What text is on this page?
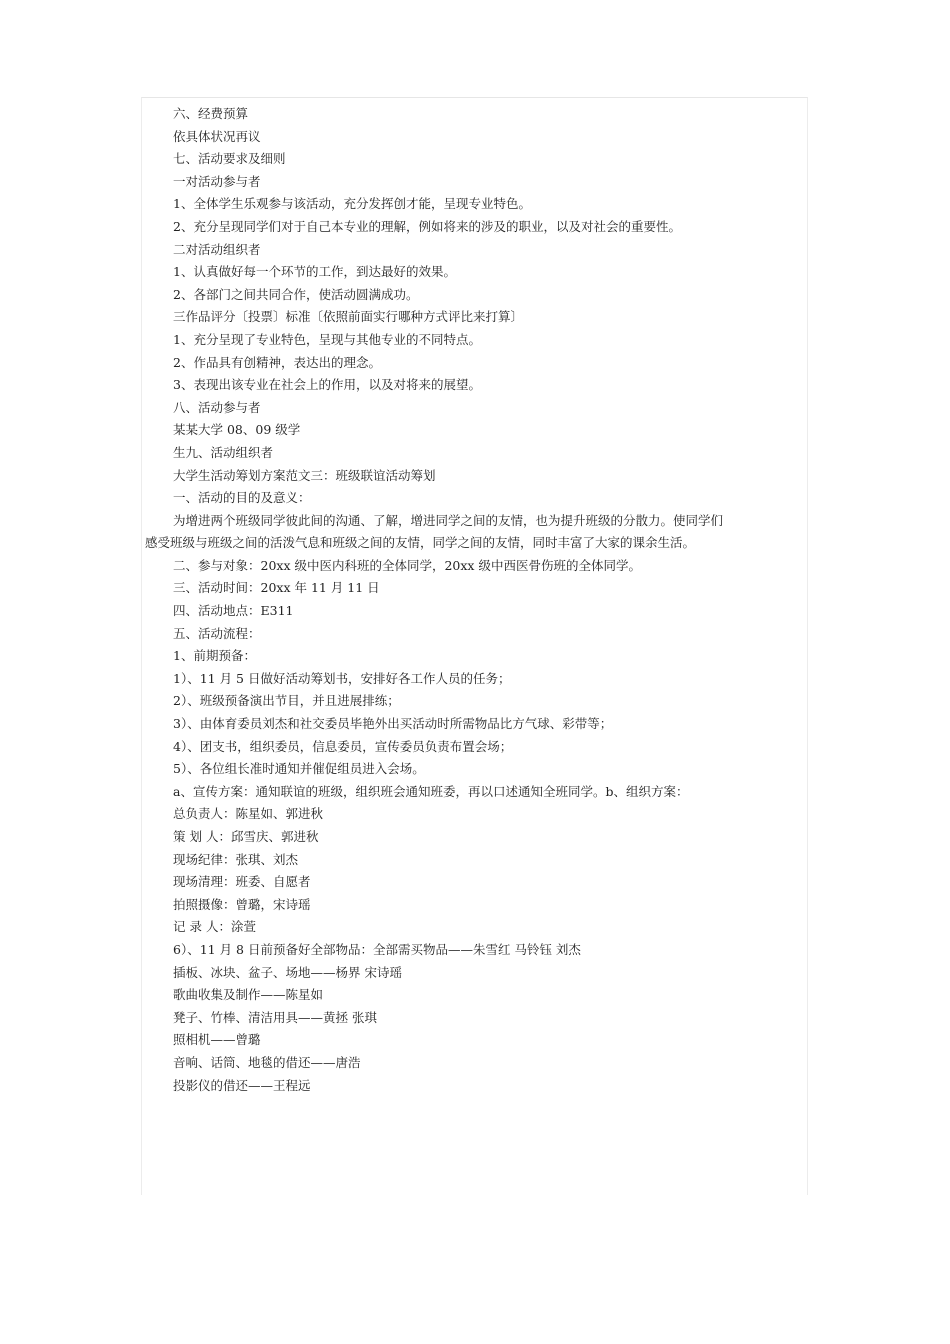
六、经费预算
依具体状况再议
七、活动要求及细则
一对活动参与者
1、全体学生乐观参与该活动，充分发挥创才能，呈现专业特色。
2、充分呈现同学们对于自己本专业的理解，例如将来的涉及的职业，以及对社会的重要性。
二对活动组织者
1、认真做好每一个环节的工作，到达最好的效果。
2、各部门之间共同合作，使活动圆满成功。
三作品评分〔投票〕标准〔依照前面实行哪种方式评比来打算〕
1、充分呈现了专业特色，呈现与其他专业的不同特点。
2、作品具有创精神，表达出的理念。
3、表现出该专业在社会上的作用，以及对将来的展望。
八、活动参与者
某某大学 08、09 级学
生九、活动组织者
大学生活动筹划方案范文三：班级联谊活动筹划
一、活动的目的及意义：
为增进两个班级同学彼此间的沟通、了解，增进同学之间的友情，也为提升班级的分散力。使同学们
感受班级与班级之间的活泼气息和班级之间的友情，同学之间的友情，同时丰富了大家的课余生活。
二、参与对象：20xx 级中医内科班的全体同学，20xx 级中西医骨伤班的全体同学。
三、活动时间：20xx 年 11 月 11 日
四、活动地点：E311
五、活动流程：
1、前期预备：
1）、11 月 5 日做好活动筹划书，安排好各工作人员的任务；
2）、班级预备演出节目，并且进展排练；
3）、由体育委员刘杰和社交委员毕艳外出买活动时所需物品比方气球、彩带等；
4）、团支书，组织委员，信息委员，宣传委员负责布置会场；
5）、各位组长准时通知并催促组员进入会场。
a、宣传方案：通知联谊的班级，组织班会通知班委，再以口述通知全班同学。b、组织方案：
总负责人：陈星如、郭进秋
策 划 人：邱雪庆、郭进秋
现场纪律：张琪、刘杰
现场清理：班委、自愿者
拍照摄像：曾璐，宋诗瑶
记 录 人：涂萱
6）、11 月 8 日前预备好全部物品：全部需买物品——朱雪红 马铃钰 刘杰
插板、冰块、盆子、场地——杨界 宋诗瑶
歌曲收集及制作——陈星如
凳子、竹棒、清洁用具——黄拯 张琪
照相机——曾璐
音响、话筒、地毯的借还——唐浩
投影仪的借还——王程远
